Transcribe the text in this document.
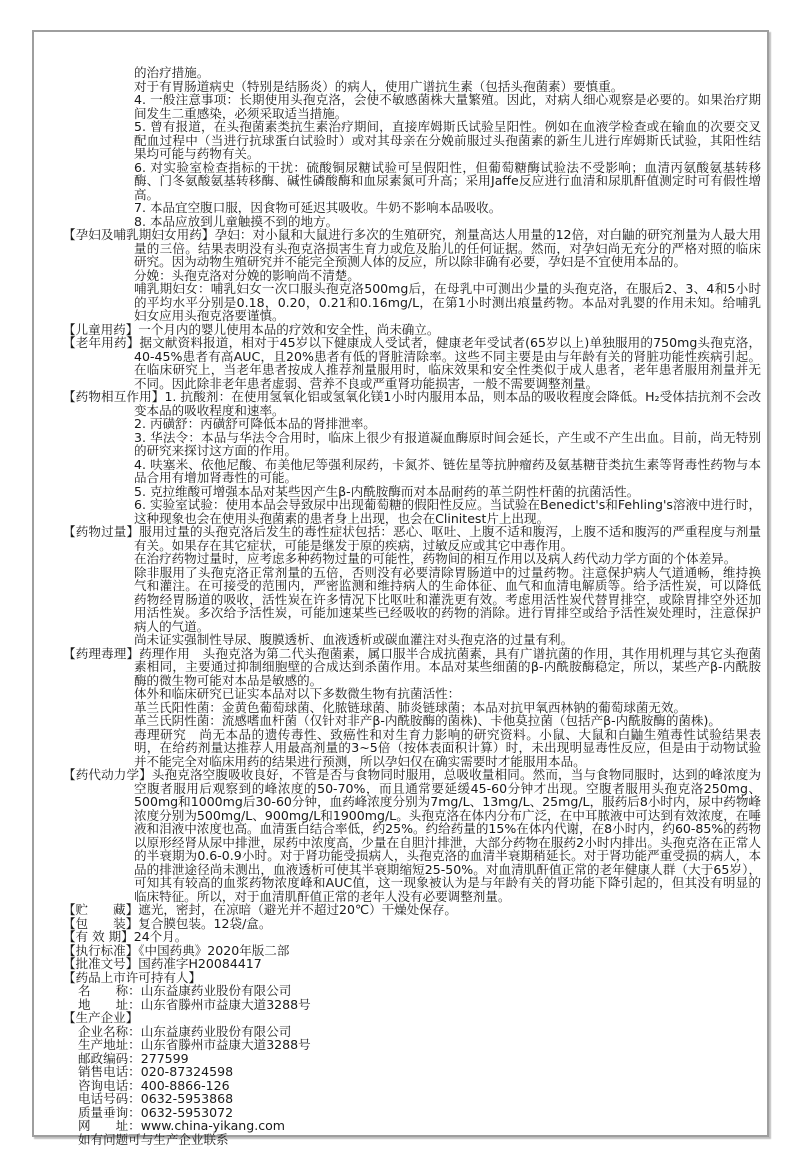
的治疗措施。

对于有胃肠道病史（特别是结肠炎）的病人，使用广谱抗生素（包括头孢菌素）要慎重。

4. 一般注意事项：长期使用头孢克洛，会使不敏感菌株大量繁殖。因此，对病人细心观察是必要的。如果治疗期间发生二重感染，必须采取适当措施。

5. 曾有报道，在头孢菌素类抗生素治疗期间，直接库姆斯氏试验呈阳性。例如在血液学检查或在输血的次要交叉配血过程中（当进行抗球蛋白试验时）或对其母亲在分娩前服过头孢菌素的新生儿进行库姆斯氏试验，其阳性结果均可能与药物有关。

6. 对实验室检查指标的干扰：硫酸铜尿糖试验可呈假阳性，但葡萄糖酶试验法不受影响；血清丙氨酸氨基转移酶、门冬氨酸氨基转移酶、碱性磷酸酶和血尿素氮可升高；采用Jaffe反应进行血清和尿肌酐值测定时可有假性增高。

7. 本品宜空腹口服，因食物可延迟其吸收。牛奶不影响本品吸收。

8. 本品应放到儿童触摸不到的地方。

【孕妇及哺乳期妇女用药】孕妇：对小鼠和大鼠进行多次的生殖研究，剂量高达人用量的12倍，对白鼬的研究剂量为人最大用量的三倍。结果表明没有头孢克洛损害生育力或危及胎儿的任何证据。然而，对孕妇尚无充分的严格对照的临床研究。因为动物生殖研究并不能完全预测人体的反应，所以除非确有必要，孕妇是不宜使用本品的。

分娩：头孢克洛对分娩的影响尚不清楚。

哺乳期妇女：哺乳妇女一次口服头孢克洛500mg后，在母乳中可测出少量的头孢克洛，在服后2、3、4和5小时的平均水平分别是0.18，0.20，0.21和0.16mg/L，在第1小时测出痕量药物。本品对乳婴的作用未知。给哺乳妇女应用头孢克洛要谨慎。

【儿童用药】一个月内的婴儿使用本品的疗效和安全性，尚未确立。

【老年用药】据文献资料报道，相对于45岁以下健康成人受试者，健康老年受试者(65岁以上)单独服用的750mg头孢克洛，40-45%患者有高AUC，且20%患者有低的肾脏清除率。这些不同主要是由与年龄有关的肾脏功能性疾病引起。在临床研究上，当老年患者按成人推荐剂量服用时，临床效果和安全性类似于成人患者，老年患者服用剂量并无不同。因此除非老年患者虚弱、营养不良或严重肾功能损害，一般不需要调整剂量。

【药物相互作用】1. 抗酸剂：在使用氢氧化铝或氢氧化镁1小时内服用本品，则本品的吸收程度会降低。H₂受体拮抗剂不会改变本品的吸收程度和速率。

2. 丙磺舒：丙磺舒可降低本品的肾排泄率。

3. 华法令：本品与华法令合用时，临床上很少有报道凝血酶原时间会延长，产生或不产生出血。目前，尚无特别的研究来探讨这方面的作用。

4. 呋塞米、依他尼酸、布美他尼等强利尿药，卡氮芥、链佐星等抗肿瘤药及氨基糖苷类抗生素等肾毒性药物与本品合用有增加肾毒性的可能。

5. 克拉维酸可增强本品对某些因产生β-内酰胺酶而对本品耐药的革兰阴性杆菌的抗菌活性。

6. 实验室试验：使用本品会导致尿中出现葡萄糖的假阳性反应。当试验在Benedict's和Fehling's溶液中进行时，这种现象也会在使用头孢菌素的患者身上出现，也会在Clinitest片上出现。

【药物过量】服用过量的头孢克洛后发生的毒性症状包括：恶心、呕吐、上腹不适和腹泻，上腹不适和腹泻的严重程度与剂量有关。如果存在其它症状，可能是继发于原的疾病，过敏反应或其它中毒作用。

在治疗药物过量时，应考虑多种药物过量的可能性，药物间的相互作用以及病人药代动力学方面的个体差异。

除非服用了头孢克洛正常剂量的五倍，否则没有必要清除胃肠道中的过量药物。注意保护病人气道通畅，维持换气和灌注。在可接受的范围内，严密监测和维持病人的生命体征、血气和血清电解质等。给予活性炭，可以降低药物经胃肠道的吸收，活性炭在许多情况下比呕吐和灌洗更有效。考虑用活性炭代替胃排空，或除胃排空外还加用活性炭。多次给予活性炭，可能加速某些已经吸收的药物的消除。进行胃排空或给予活性炭处理时，注意保护病人的气道。

尚未证实强制性导尿、腹膜透析、血液透析或碳血灌注对头孢克洛的过量有利。

【药理毒理】药理作用　头孢克洛为第二代头孢菌素，属口服半合成抗菌素，具有广谱抗菌的作用，其作用机理与其它头孢菌素相同，主要通过抑制细胞壁的合成达到杀菌作用。本品对某些细菌的β-内酰胺酶稳定，所以，某些产β-内酰胺酶的微生物可能对本品是敏感的。

体外和临床研究已证实本品对以下多数微生物有抗菌活性：

革兰氏阳性菌：金黄色葡萄球菌、化脓链球菌、肺炎链球菌；本品对抗甲氧西林钠的葡萄球菌无效。

革兰氏阴性菌：流感嗜血杆菌（仅针对非产β-内酰胺酶的菌株)、卡他莫拉菌（包括产β-内酰胺酶的菌株)。

毒理研究　尚无本品的遗传毒性、致癌性和对生育力影响的研究资料。小鼠、大鼠和白鼬生殖毒性试验结果表明，在给药剂量达推荐人用最高剂量的3~5倍（按体表面积计算）时，未出现明显毒性反应，但是由于动物试验并不能完全对临床用药的结果进行预测，所以孕妇仅在确实需要时才能服用本品。

【药代动力学】头孢克洛空腹吸收良好，不管是否与食物同时服用，总吸收量相同。然而，当与食物同服时，达到的峰浓度为空腹者服用后观察到的峰浓度的50-70%，而且通常要延缓45-60分钟才出现。空腹者服用头孢克洛250mg、500mg和1000mg后30-60分钟，血药峰浓度分别为7mg/L、13mg/L、25mg/L，服药后8小时内，尿中药物峰浓度分别为500mg/L、900mg/L和1900mg/L。头孢克洛在体内分布广泛，在中耳脓液中可达到有效浓度，在唾液和泪液中浓度也高。血清蛋白结合率低，约25%。约给药量的15%在体内代谢，在8小时内，约60-85%的药物以原形经肾从尿中排泄，尿药中浓度高，少量在自胆汁排泄，大部分药物在服药2小时内排出。头孢克洛在正常人的半衰期为0.6-0.9小时。对于肾功能受损病人，头孢克洛的血清半衰期稍延长。对于肾功能严重受损的病人，本品的排泄途径尚未测出，血液透析可使其半衰期缩短25-50%。对血清肌酐值正常的老年健康人群（大于65岁），可知其有较高的血浆药物浓度峰和AUC值，这一现象被认为是与年龄有关的肾功能下降引起的，但其没有明显的临床特征。所以，对于血清肌酐值正常的老年人没有必要调整剂量。

【贮　　藏】遮光，密封，在凉暗（避光并不超过20℃）干燥处保存。

【包　　装】复合膜包装。12袋/盒。

【有 效 期】24个月。

【执行标准】《中国药典》2020年版二部

【批准文号】国药准字H20084417

【药品上市许可持有人】

名　　称：山东益康药业股份有限公司

地　　址：山东省滕州市益康大道3288号

【生产企业】

企业名称：山东益康药业股份有限公司

生产地址：山东省滕州市益康大道3288号

邮政编码：277599

销售电话：020-87324598

咨询电话：400-8866-126

电话号码：0632-5953868

质量垂询：0632-5953072

网　　址：www.china-yikang.com

如有问题可与生产企业联系
